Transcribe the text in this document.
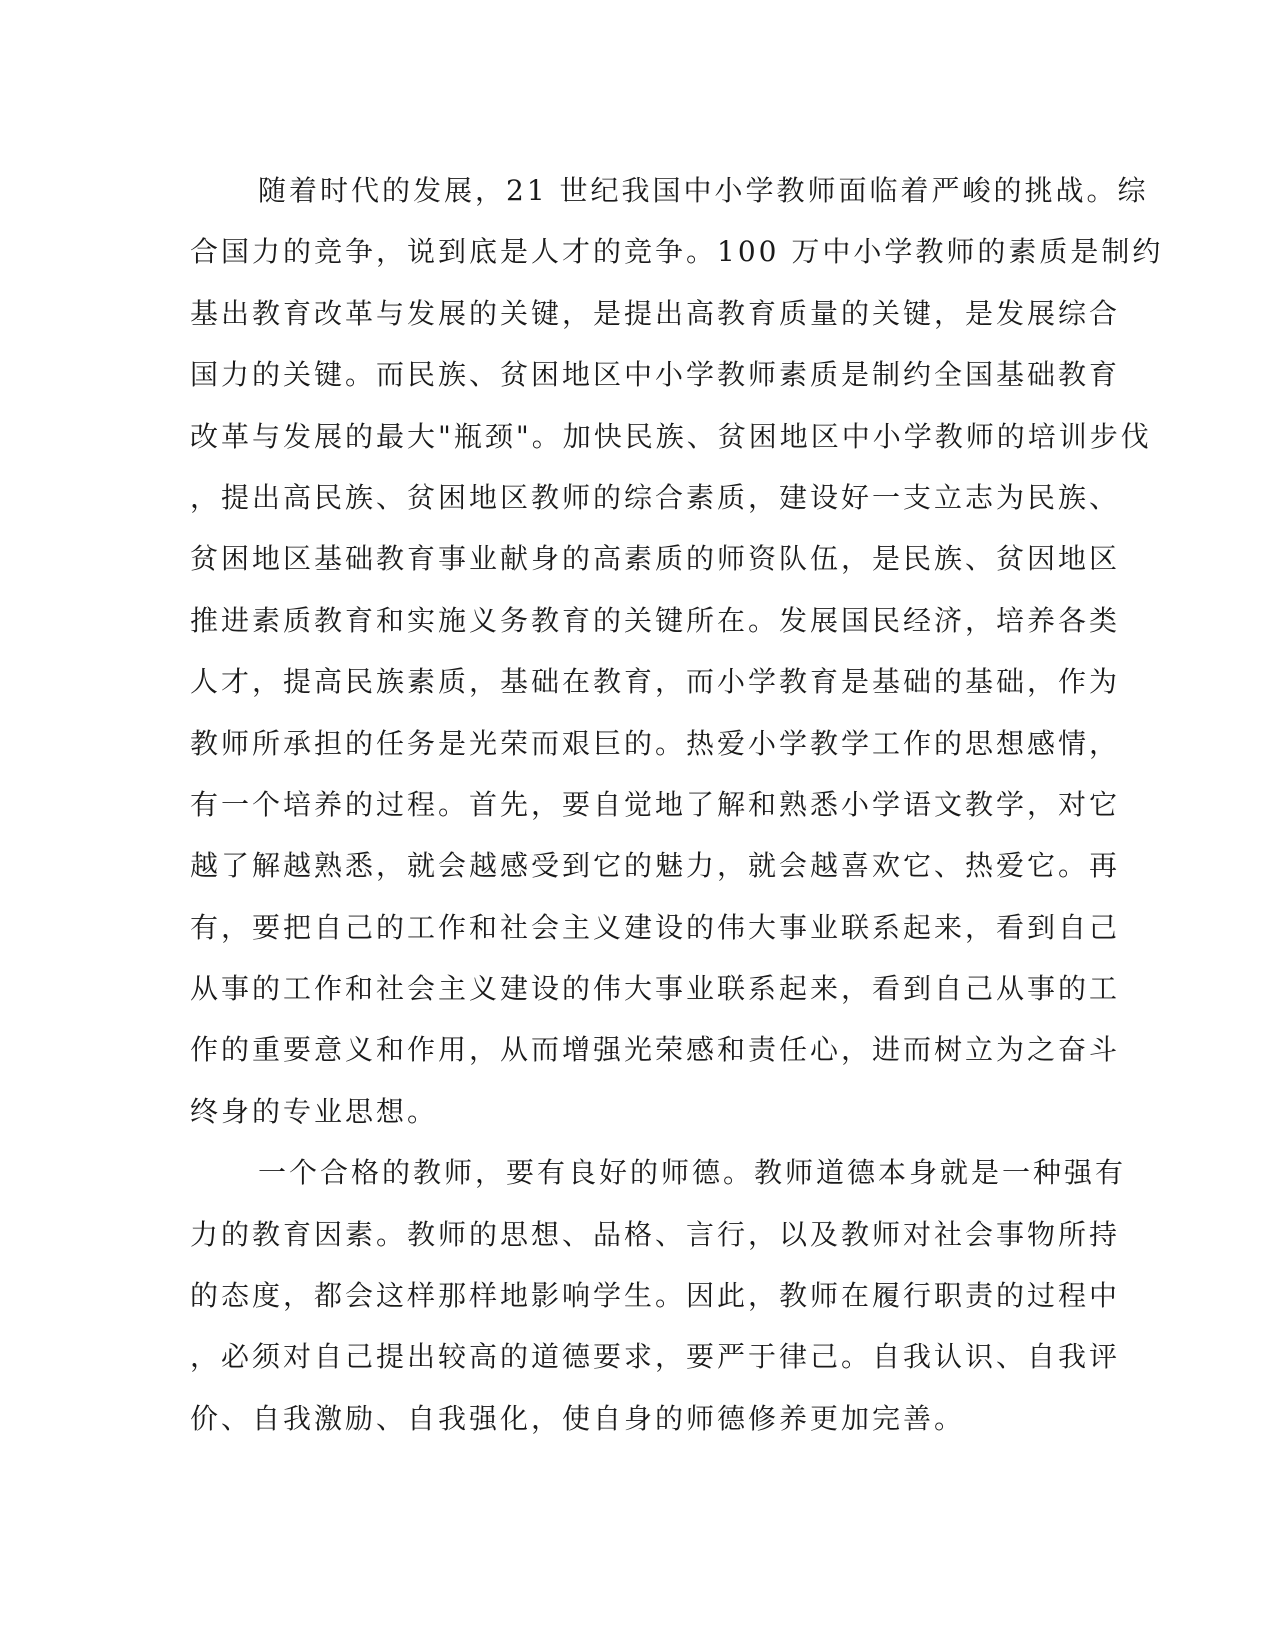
随着时代的发展，21 世纪我国中小学教师面临着严峻的挑战。综
合国力的竞争，说到底是人才的竞争。100 万中小学教师的素质是制约
基出教育改革与发展的关键，是提出高教育质量的关键，是发展综合
国力的关键。而民族、贫困地区中小学教师素质是制约全国基础教育
改革与发展的最大"瓶颈"。加快民族、贫困地区中小学教师的培训步伐
，提出高民族、贫困地区教师的综合素质，建设好一支立志为民族、
贫困地区基础教育事业献身的高素质的师资队伍，是民族、贫因地区
推进素质教育和实施义务教育的关键所在。发展国民经济，培养各类
人才，提高民族素质，基础在教育，而小学教育是基础的基础，作为
教师所承担的任务是光荣而艰巨的。热爱小学教学工作的思想感情，
有一个培养的过程。首先，要自觉地了解和熟悉小学语文教学，对它
越了解越熟悉，就会越感受到它的魅力，就会越喜欢它、热爱它。再
有，要把自己的工作和社会主义建设的伟大事业联系起来，看到自己
从事的工作和社会主义建设的伟大事业联系起来，看到自己从事的工
作的重要意义和作用，从而增强光荣感和责任心，进而树立为之奋斗
终身的专业思想。
一个合格的教师，要有良好的师德。教师道德本身就是一种强有
力的教育因素。教师的思想、品格、言行，以及教师对社会事物所持
的态度，都会这样那样地影响学生。因此，教师在履行职责的过程中
，必须对自己提出较高的道德要求，要严于律己。自我认识、自我评
价、自我激励、自我强化，使自身的师德修养更加完善。
